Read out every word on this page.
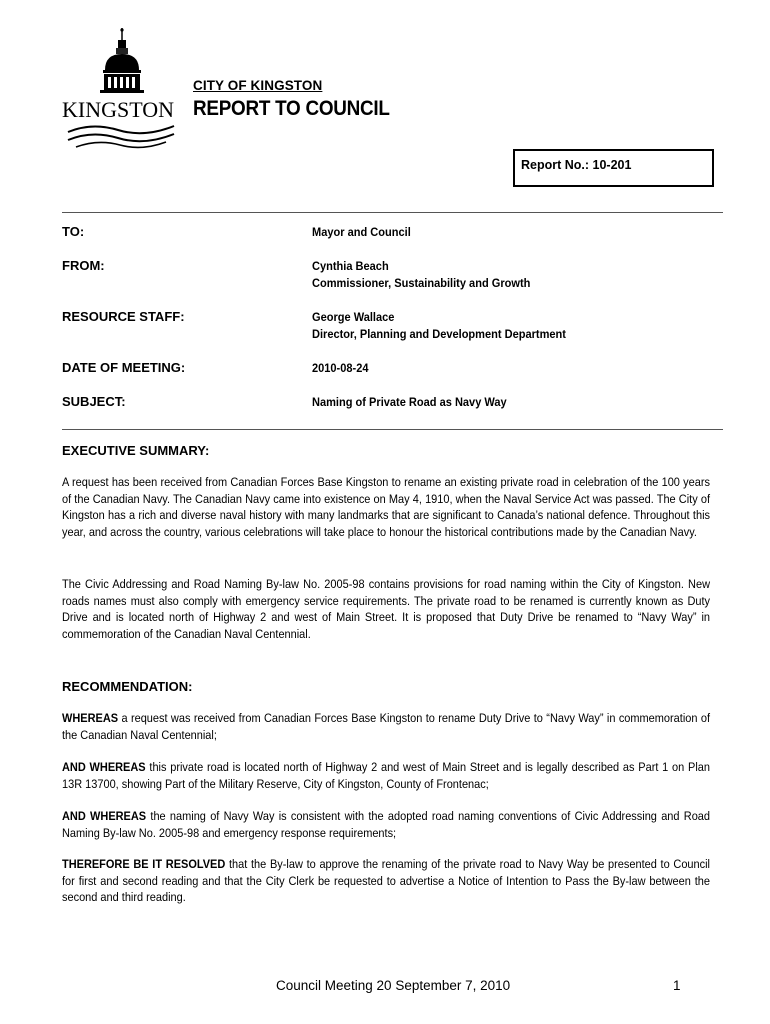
KINGSTON
CITY OF KINGSTON
REPORT TO COUNCIL
Report No.: 10-201
TO:	Mayor and Council
FROM:	Cynthia Beach
Commissioner, Sustainability and Growth
RESOURCE STAFF:	George Wallace
Director, Planning and Development Department
DATE OF MEETING:	2010-08-24
SUBJECT:	Naming of Private Road as Navy Way
EXECUTIVE SUMMARY:

A request has been received from Canadian Forces Base Kingston to rename an existing private road in celebration of the 100 years of the Canadian Navy. The Canadian Navy came into existence on May 4, 1910, when the Naval Service Act was passed. The City of Kingston has a rich and diverse naval history with many landmarks that are significant to Canada’s national defence. Throughout this year, and across the country, various celebrations will take place to honour the historical contributions made by the Canadian Navy.

The Civic Addressing and Road Naming By-law No. 2005-98 contains provisions for road naming within the City of Kingston. New roads names must also comply with emergency service requirements. The private road to be renamed is currently known as Duty Drive and is located north of Highway 2 and west of Main Street. It is proposed that Duty Drive be renamed to “Navy Way” in commemoration of the Canadian Naval Centennial.

RECOMMENDATION:

WHEREAS a request was received from Canadian Forces Base Kingston to rename Duty Drive to “Navy Way” in commemoration of the Canadian Naval Centennial;

AND WHEREAS this private road is located north of Highway 2 and west of Main Street and is legally described as Part 1 on Plan 13R 13700, showing Part of the Military Reserve, City of Kingston, County of Frontenac;

AND WHEREAS the naming of Navy Way is consistent with the adopted road naming conventions of Civic Addressing and Road Naming By-law No. 2005-98 and emergency response requirements;

THEREFORE BE IT RESOLVED that the By-law to approve the renaming of the private road to Navy Way be presented to Council for first and second reading and that the City Clerk be requested to advertise a Notice of Intention to Pass the By-law between the second and third reading.

Council Meeting 20 September 7, 2010	1
